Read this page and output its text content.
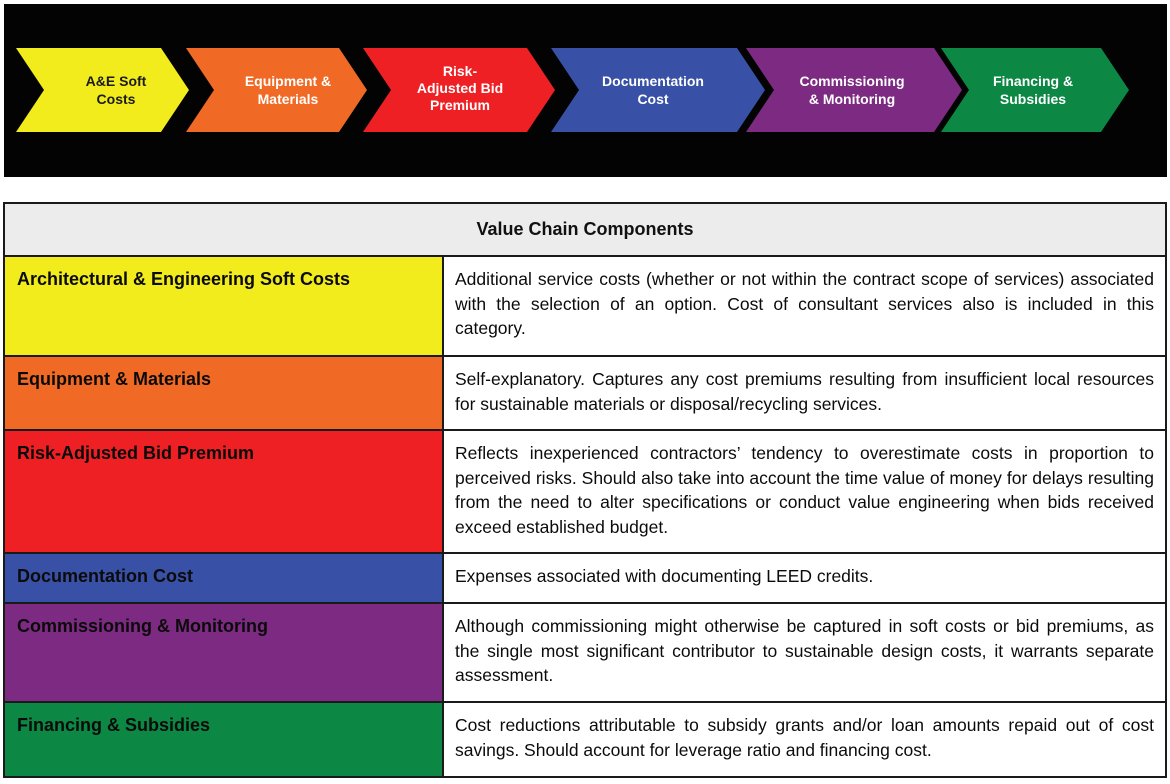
A&E Soft
Costs
Equipment &
Materials
Risk-
Adjusted Bid
Premium
Documentation
Cost
Commissioning
& Monitoring
Financing &
Subsidies
Value Chain Components	
Architectural & Engineering Soft Costs	Additional service costs (whether or not within the contract scope of services) associated with the selection of an option. Cost of consultant services also is included in this category.
Equipment & Materials	Self-explanatory. Captures any cost premiums resulting from insufficient local resources for sustainable materials or disposal/recycling services.
Risk-Adjusted Bid Premium	Reflects inexperienced contractors’ tendency to overestimate costs in proportion to perceived risks. Should also take into account the time value of money for delays resulting from the need to alter specifications or conduct value engineering when bids received exceed established budget.
Documentation Cost	Expenses associated with documenting LEED credits.
Commissioning & Monitoring	Although commissioning might otherwise be captured in soft costs or bid premiums, as the single most significant contributor to sustainable design costs, it warrants separate assessment.
Financing & Subsidies	Cost reductions attributable to subsidy grants and/or loan amounts repaid out of cost savings. Should account for leverage ratio and financing cost.
